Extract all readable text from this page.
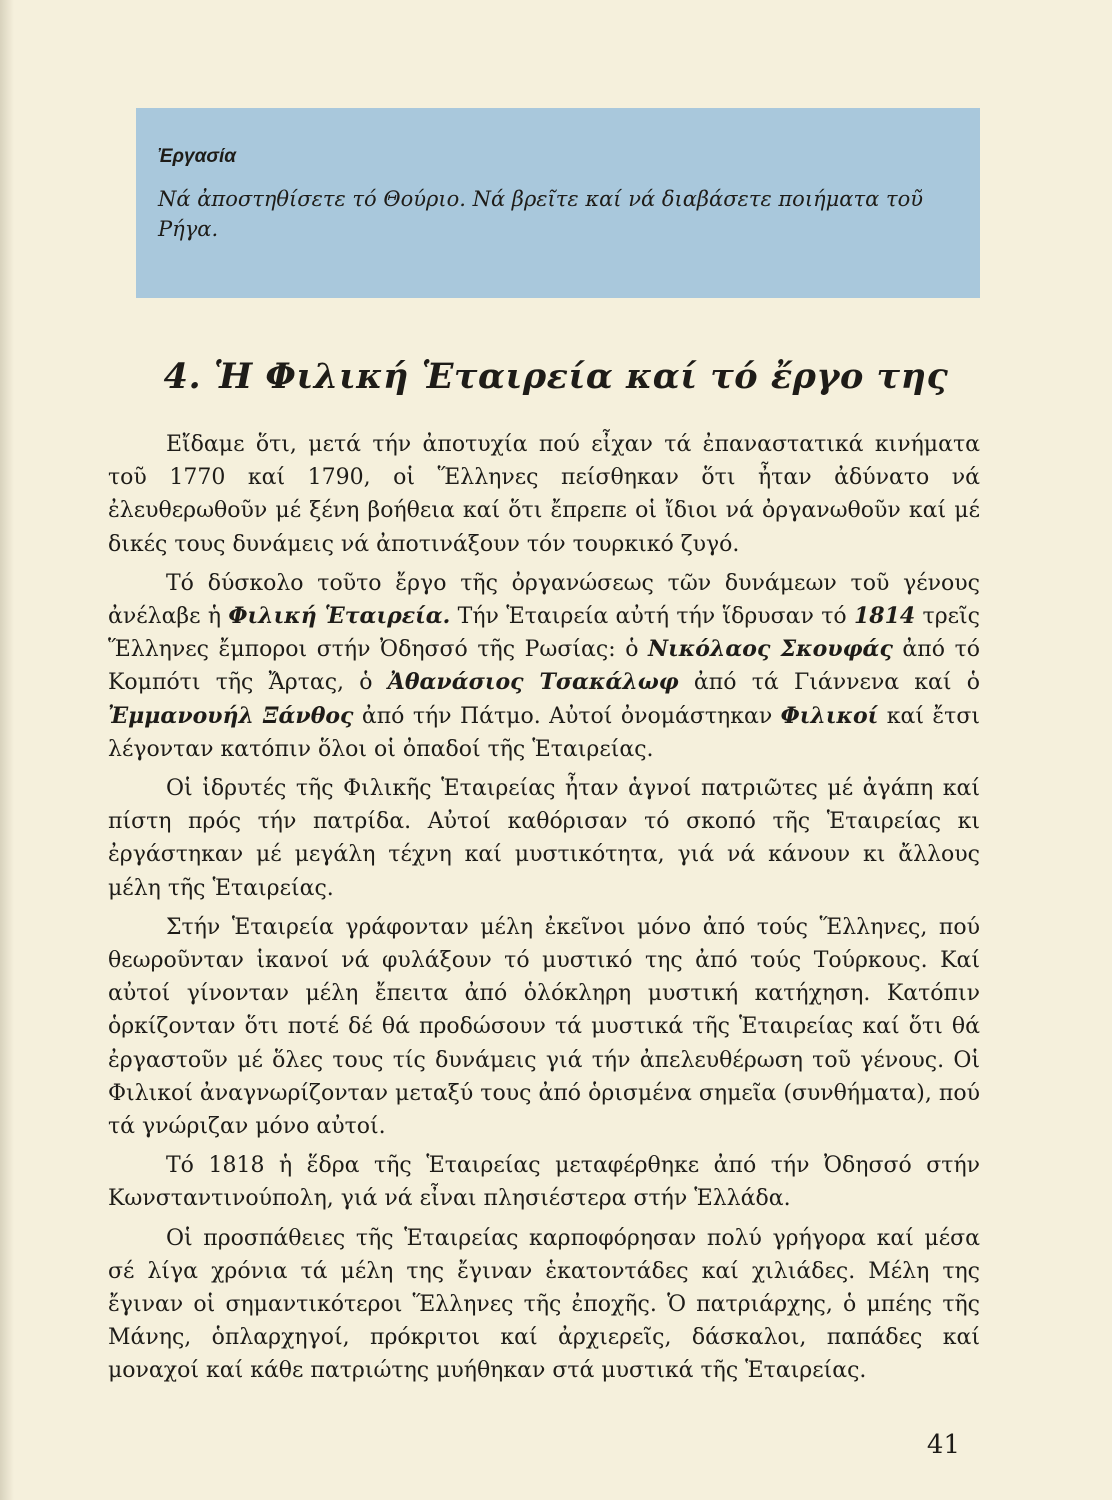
Ἐργασία

Νά ἀποστηθίσετε τό Θούριο. Νά βρεῖτε καί νά διαβάσετε ποιήματα τοῦ Ρήγα.

4. Ἡ Φιλική Ἑταιρεία καί τό ἔργο της

Εἴδαμε ὅτι, μετά τήν ἀποτυχία πού εἶχαν τά ἐπαναστατικά κινήματα τοῦ 1770 καί 1790, οἱ Ἕλληνες πείσθηκαν ὅτι ἦταν ἀδύνατο νά ἐλευθερωθοῦν μέ ξένη βοήθεια καί ὅτι ἔπρεπε οἱ ἴδιοι νά ὀργανωθοῦν καί μέ δικές τους δυνάμεις νά ἀποτινάξουν τόν τουρκικό ζυγό.

Τό δύσκολο τοῦτο ἔργο τῆς ὀργανώσεως τῶν δυνάμεων τοῦ γένους ἀνέλαβε ἡ Φιλική Ἑταιρεία. Τήν Ἑταιρεία αὐτή τήν ἵδρυσαν τό 1814 τρεῖς Ἕλληνες ἔμποροι στήν Ὀδησσό τῆς Ρωσίας: ὁ Νικόλαος Σκουφάς ἀπό τό Κομπότι τῆς Ἄρτας, ὁ Ἀθανάσιος Τσακάλωφ ἀπό τά Γιάννενα καί ὁ Ἐμμανουήλ Ξάνθος ἀπό τήν Πάτμο. Αὐτοί ὀνομάστηκαν Φιλικοί καί ἔτσι λέγονταν κατόπιν ὅλοι οἱ ὀπαδοί τῆς Ἑταιρείας.

Οἱ ἱδρυτές τῆς Φιλικῆς Ἑταιρείας ἦταν ἁγνοί πατριῶτες μέ ἀγάπη καί πίστη πρός τήν πατρίδα. Αὐτοί καθόρισαν τό σκοπό τῆς Ἑταιρείας κι ἐργάστηκαν μέ μεγάλη τέχνη καί μυστικότητα, γιά νά κάνουν κι ἄλλους μέλη τῆς Ἑταιρείας.

Στήν Ἑταιρεία γράφονταν μέλη ἐκεῖνοι μόνο ἀπό τούς Ἕλληνες, πού θεωροῦνταν ἱκανοί νά φυλάξουν τό μυστικό της ἀπό τούς Τούρκους. Καί αὐτοί γίνονταν μέλη ἔπειτα ἀπό ὁλόκληρη μυστική κατήχηση. Κατόπιν ὁρκίζονταν ὅτι ποτέ δέ θά προδώσουν τά μυστικά τῆς Ἑταιρείας καί ὅτι θά ἐργαστοῦν μέ ὅλες τους τίς δυνάμεις γιά τήν ἀπελευθέρωση τοῦ γένους. Οἱ Φιλικοί ἀναγνωρίζονταν μεταξύ τους ἀπό ὁρισμένα σημεῖα (συνθήματα), πού τά γνώριζαν μόνο αὐτοί.

Τό 1818 ἡ ἕδρα τῆς Ἑταιρείας μεταφέρθηκε ἀπό τήν Ὀδησσό στήν Κωνσταντινούπολη, γιά νά εἶναι πλησιέστερα στήν Ἑλλάδα.

Οἱ προσπάθειες τῆς Ἑταιρείας καρποφόρησαν πολύ γρήγορα καί μέσα σέ λίγα χρόνια τά μέλη της ἔγιναν ἑκατοντάδες καί χιλιάδες. Μέλη της ἔγιναν οἱ σημαντικότεροι Ἕλληνες τῆς ἐποχῆς. Ὁ πατριάρχης, ὁ μπέης τῆς Μάνης, ὁπλαρχηγοί, πρόκριτοι καί ἀρχιερεῖς, δάσκαλοι, παπάδες καί μοναχοί καί κάθε πατριώτης μυήθηκαν στά μυστικά τῆς Ἑταιρείας.

41
